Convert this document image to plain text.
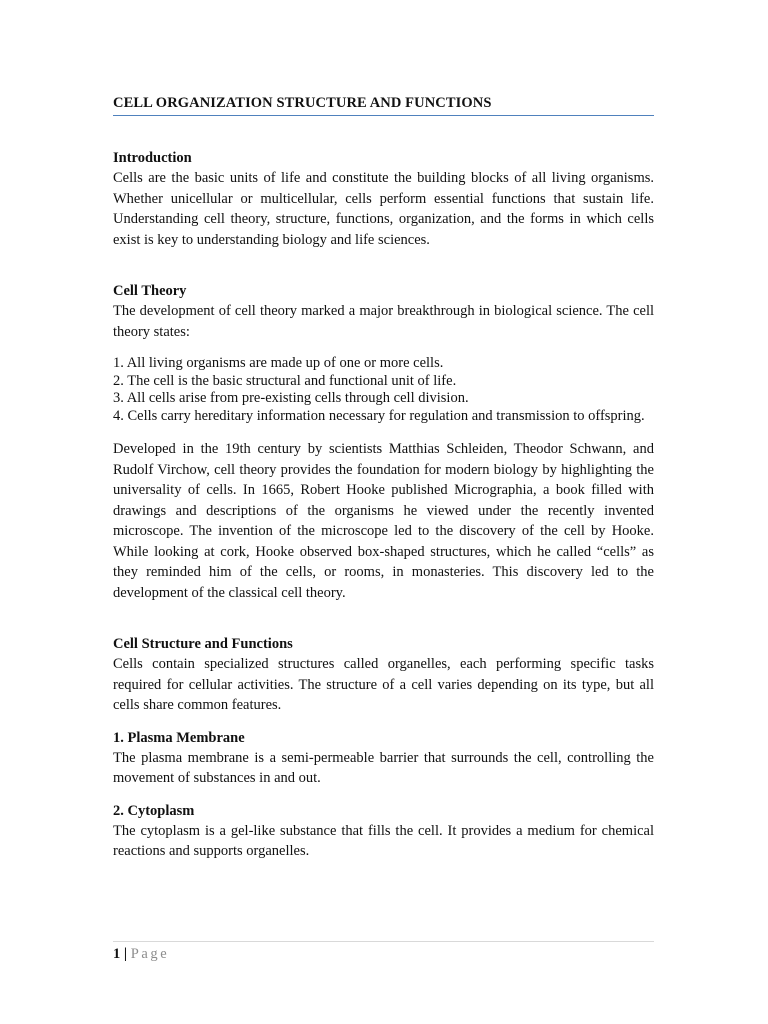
CELL ORGANIZATION STRUCTURE AND FUNCTIONS
Introduction

Cells are the basic units of life and constitute the building blocks of all living organisms. Whether unicellular or multicellular, cells perform essential functions that sustain life. Understanding cell theory, structure, functions, organization, and the forms in which cells exist is key to understanding biology and life sciences.

Cell Theory

The development of cell theory marked a major breakthrough in biological science. The cell theory states:

1. All living organisms are made up of one or more cells.
2. The cell is the basic structural and functional unit of life.
3. All cells arise from pre-existing cells through cell division.
4. Cells carry hereditary information necessary for regulation and transmission to offspring.

Developed in the 19th century by scientists Matthias Schleiden, Theodor Schwann, and Rudolf Virchow, cell theory provides the foundation for modern biology by highlighting the universality of cells. In 1665, Robert Hooke published Micrographia, a book filled with drawings and descriptions of the organisms he viewed under the recently invented microscope. The invention of the microscope led to the discovery of the cell by Hooke. While looking at cork, Hooke observed box-shaped structures, which he called “cells” as they reminded him of the cells, or rooms, in monasteries. This discovery led to the development of the classical cell theory.

Cell Structure and Functions

Cells contain specialized structures called organelles, each performing specific tasks required for cellular activities. The structure of a cell varies depending on its type, but all cells share common features.

1. Plasma Membrane

The plasma membrane is a semi-permeable barrier that surrounds the cell, controlling the movement of substances in and out.

2. Cytoplasm

The cytoplasm is a gel-like substance that fills the cell. It provides a medium for chemical reactions and supports organelles.

1 | Page
